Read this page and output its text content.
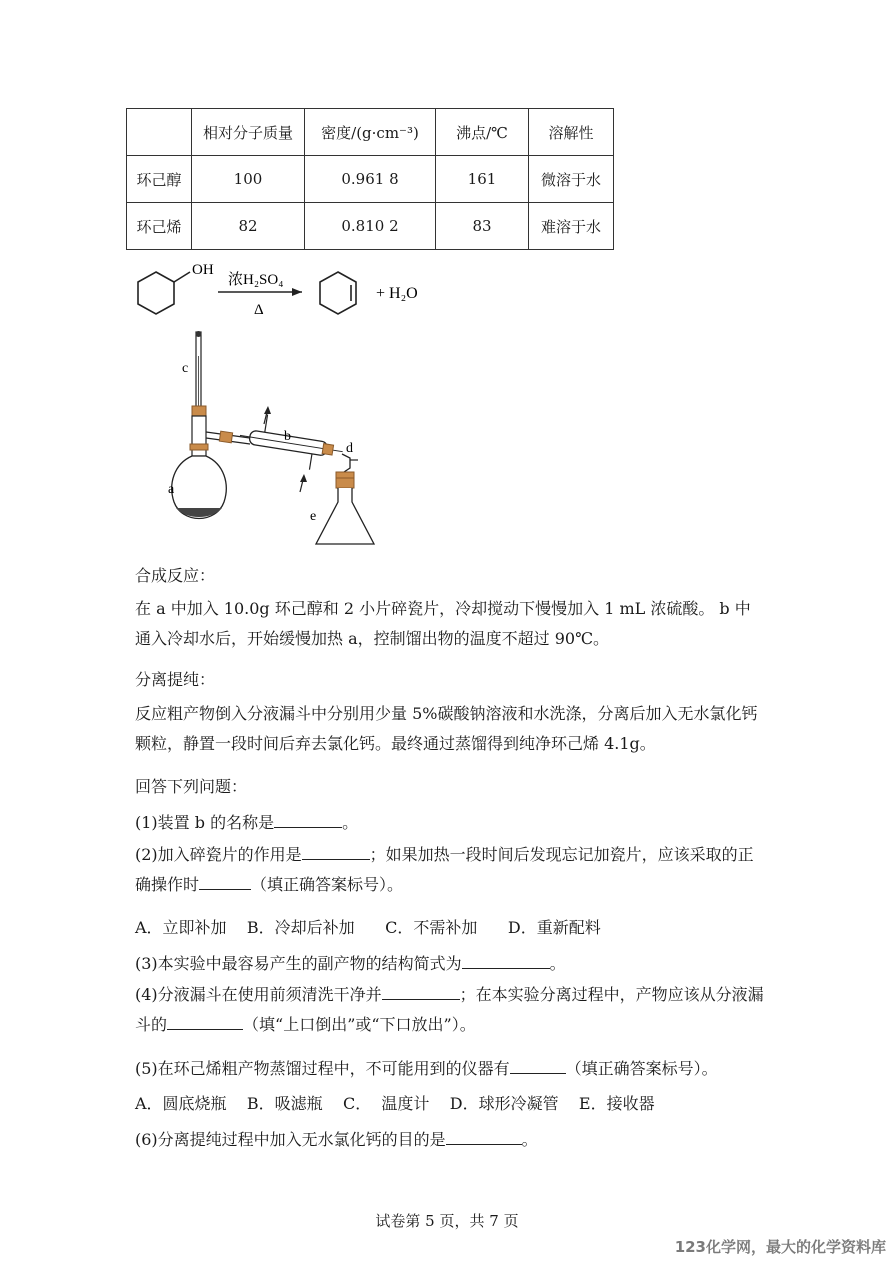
	相对分子质量	密度/(g·cm⁻³)	沸点/℃	溶解性
环己醇	100	0.961 8	161	微溶于水
环己烯	82	0.810 2	83	难溶于水
OH
浓H₂SO₄
Δ
+ H₂O
c
a
b
d
e
合成反应：
在 a 中加入 10.0g 环己醇和 2 小片碎瓷片，冷却搅动下慢慢加入 1 mL 浓硫酸。 b 中通入冷却水后，开始缓慢加热 a，控制馏出物的温度不超过 90℃。
分离提纯：
反应粗产物倒入分液漏斗中分别用少量 5%碳酸钠溶液和水洗涤，分离后加入无水氯化钙颗粒，静置一段时间后弃去氯化钙。最终通过蒸馏得到纯净环己烯 4.1g。
回答下列问题：
(1)装置 b 的名称是	。
(2)加入碎瓷片的作用是	；如果加热一段时间后发现忘记加瓷片，应该采取的正确操作时	（填正确答案标号）。
A．立即补加    B．冷却后补加      C．不需补加      D．重新配料
(3)本实验中最容易产生的副产物的结构简式为	。
(4)分液漏斗在使用前须清洗干净并	；在本实验分离过程中，产物应该从分液漏斗的	（填“上口倒出”或“下口放出”）。
(5)在环己烯粗产物蒸馏过程中，不可能用到的仪器有	（填正确答案标号）。
A．圆底烧瓶    B．吸滤瓶    C．  温度计    D．球形冷凝管    E．接收器
(6)分离提纯过程中加入无水氯化钙的目的是	。
试卷第 5 页，共 7 页
123化学网，最大的化学资料库
